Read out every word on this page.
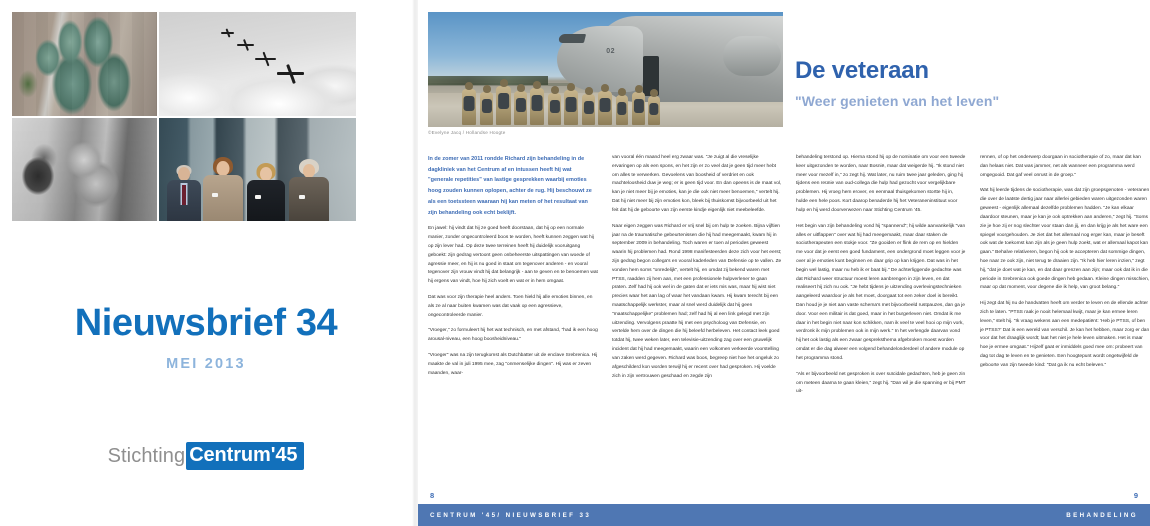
Nieuwsbrief 34
MEI 2013
Stichting Centrum'45
02
©Evelyne Jacq / Hollandse Hoogte
De veteraan
"Weer genieten van het leven"

In de zomer van 2011 rondde Richard zijn behandeling in de dagkliniek van het Centrum af en intussen heeft hij wat "generale repetities" van lastige gesprekken waarbij emoties hoog zouden kunnen oplopen, achter de rug. Hij beschouwt ze als een toetssteen waaraan hij kan meten of het resultaat van zijn behandeling ook echt beklijft.

En jawel: hij vindt dat hij ze goed heeft doorstaan, dat hij op een normale manier, zonder ongecontroleerd boos te worden, heeft kunnen zeggen wat hij op zijn lever had. Op deze twee terreinen heeft hij duidelijk vooruitgang geboekt: zijn gedrag vertoont geen onbeheerste uitspattingen van woede of agressie meer, en hij is nu goed in staat om tegenover anderen - en vooral tegenover zijn vrouw vindt hij dat belangrijk - aan te geven en te benoemen wat hij ergens van vindt, hoe hij zich voelt en wat er in hem omgaat.

Dat was voor zijn therapie heel anders. Toen hield hij alle emoties binnen, en als ze al naar buiten kwamen was dat vaak op een agressieve, ongecontroleerde manier.

"Vroeger," zo formuleert hij het wat technisch, en met afstand, "had ik een hoog arousal-niveau, een hoog boosheidniveau."

"Vroeger" was na zijn terugkomst als Dutchbatter uit de enclave Srebrenica. Hij maakte de val in juli 1995 mee, zag "onmenselijke dingen". Hij was er zeven maanden, waar-

van vooral één maand heel erg zwaar was. "Je zuigt al die vreselijke ervaringen op als een spons, en het zijn er zo veel dat je geen tijd meer hebt om alles te verwerken. Gevoelens van boosheid of verdriet en ook machteloosheid duw je weg; er is geen tijd voor. En dan opeens is de maat vol, kan je niet meer bij je emoties, kan je die ook niet meer benoemen," vertelt hij. Dat hij niet meer bij zijn emoties kon, bleek bij thuiskomst bijvoorbeeld uit het feit dat hij de geboorte van zijn eerste kindje eigenlijk niet meebeleefde.

Naar eigen zeggen was Richard er vrij snel bij om hulp te zoeken. Bijna vijftien jaar na de traumatische gebeurtenissen die hij had meegemaakt, kwam hij in september 2009 in behandeling. Toch waren er toen al periodes geweest waarin hij problemen had. Rond 1998 manifesteerden deze zich voor het eerst; zijn gedrag begon collega's en vooral kaderleden van Defensie op te vallen. Ze vonden hem soms "onredelijk", vertelt hij, en omdat zij bekend waren met PTSS, raadden zij hem aan, met een professionele hulpverlener te gaan praten. Zelf had hij ook wel in de gaten dat er iets mis was, maar hij wist niet precies waar het aan lag of waar het vandaan kwam. Hij kwam terecht bij een maatschappelijk werkster, maar al snel werd duidelijk dat hij geen "maatschappelijke" problemen had; zelf had hij al een link gelegd met zijn uitzending. Vervolgens praatte hij met een psycholoog van Defensie, en vertelde hem over de dingen die hij beleefd herbeleven. Het contact leek goed totdat hij, twee weken later, een televisie-uitzending zag over een gruwelijk incident dat hij had meegemaakt, waarin een volkomen verkeerde voorstelling van zaken werd gegeven. Richard was boos, begreep niet hoe het ongeluk zo afgeschilderd kon worden terwijl hij er recent over had gesproken. Hij voelde zich in zijn vertrouwen geschaad en zegde zijn

behandeling terstond op. Hierna stond hij op de nominatie om voor een tweede keer uitgezonden te worden, naar Bosnië, maar dat weigerde hij. "Ik stond niet meer voor mezelf in," zo zegt hij. Wat later, nu ruim twee jaar geleden, ging hij tijdens een reünie van oud-collega die hulp had gezocht voor vergelijkbare problemen. Hij vroeg hem erover, en eenmaal thuisgekomen stortte hij in, hulde een hele poos. Kort daarop benaderde hij het Veteraneninstituut voor hulp en hij werd doorverwezen naar Stichting Centrum '45.

Het begin van zijn behandeling vond hij "spannend"; hij wilde aanvankelijk "van alles er uitflappen" over wat hij had meegemaakt, maar daar staken de sociotherapeuten een stokje voor. "Ze gooiden er flink de rem op en hielden me voor dat je eerst een goed fundament, een ondergrond moet leggen voor je over al je emoties kunt beginnen en daar grip op kan krijgen. Dat was in het begin wel lastig, maar nu heb ik er baat bij." De achterliggende gedachte was dat Richard weer structuur moest leren aanbrengen in zijn leven, en dat realiseert hij zich nu ook. "Je hebt tijdens je uitzending overlevingstechnieken aangeleerd waardoor je als het moet, doorgaat tot een zeker doel is bereikt. Dan houd je je niet aan vaste schema's met bijvoorbeeld rustpauzes, dan ga je door. Voor een militair is dat goed, maar in het burgerleven niet. Omdat ik me daar in het begin niet naar kon schikken, nam ik veel te veel hooi op mijn vork, verdronk ik mijn problemen ook in mijn werk." In het verlengde daarvan vond hij het ook lastig als een zwaar gespreksthema afgebroken moest worden omdat er die dag alweer een volgend behandelonderdeel of andere module op het programma stond.

"Als er bijvoorbeeld net gesproken is over suïcidale gedachten, heb je geen zin om meteen daarna te gaan kleien," zegt hij. "Dan wil je die spanning er bij PMT uit-

rennen, of op het onderwerp doorgaan in sociotherapie of zo, maar dat kan dan helaas niet. Dat was jammer, net als wanneer een programma werd omgegooid. Dat gaf veel onrust in de groep."

Wat hij leerde tijdens de sociotherapie, was dat zijn groepsgenoten - veteranen die over de laatste dertig jaar naar allerlei gebieden waren uitgezonden waren geweest - eigenlijk allemaal dezelfde problemen hadden. "Je kan elkaar daardoor steunen, maar je kan je ook optrekken aan anderen," zegt hij. "Soms zie je hoe zij er nog slechter voor staan dan jij, en dan krijg je als het ware een spiegel voorgehouden. Je ziet dat het allemaal nog erger kan, maar je beseft ook wat de toekomst kan zijn als je geen hulp zoekt, wat er allemaal kapot kan gaan." Behalve relativeren, begon hij ook te accepteren dat sommige dingen, hoe naar ze ook zijn, niet terug te draaien zijn. "Ik heb hier leren inzien," zegt hij, "dat je doet wat je kan, en dat daar grenzen aan zijn; maar ook dat ik in die periode in Srebrenica ook goede dingen heb gedaan. Kleine dingen misschien, maar op dat moment, voor degene die ik help, van groot belang."

Hij zegt dat hij nu de handvatten heeft om verder te leven en de ellende achter zich te laten. "PTSS raak je nooit helemaal kwijt, maar je kan ermee leren leven," stelt hij. "Ik vraag wekens aan een medepatiënt: 'Heb je PTSS, of ben je PTSS?' Dat is een wereld van verschil. Je kan het hebben, maar zorg er dan voor dat het draaglijk wordt; laat het niet je hele leven uitmaken. Het is maar hoe je ermee omgaat." Hijzelf gaat er inmiddels goed mee om: probeert van dag tot dag te leven en te genieten. Een hoogtepunt wordt ongetwijfeld de geboorte van zijn tweede kind: "Dat ga ik nu echt beleven."

8	9
CENTRUM '45/ NIEUWSBRIEF 33	BEHANDELING
